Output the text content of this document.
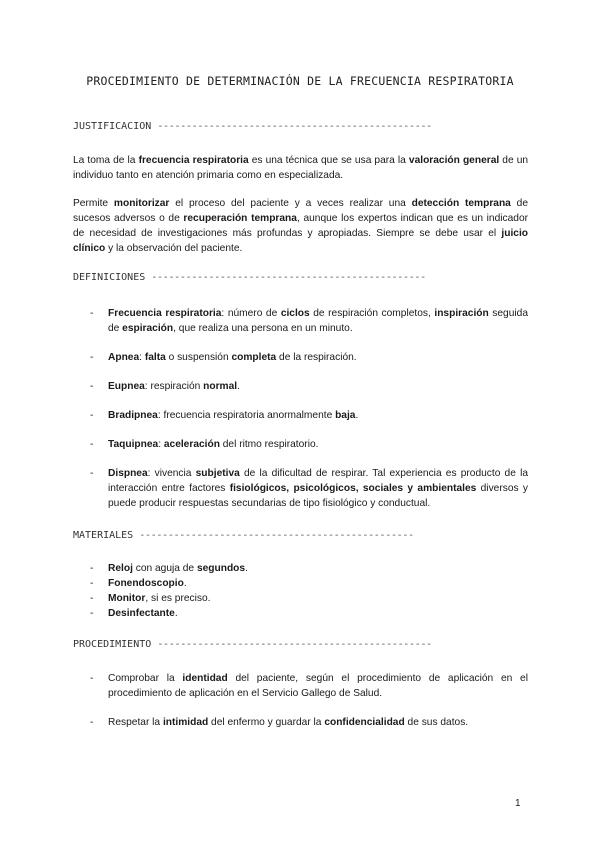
PROCEDIMIENTO DE DETERMINACIÓN DE LA FRECUENCIA RESPIRATORIA
JUSTIFICACIÓN ------------------------------------------------

La toma de la frecuencia respiratoria es una técnica que se usa para la valoración general de un individuo tanto en atención primaria como en especializada.

Permite monitorizar el proceso del paciente y a veces realizar una detección temprana de sucesos adversos o de recuperación temprana, aunque los expertos indican que es un indicador de necesidad de investigaciones más profundas y apropiadas. Siempre se debe usar el juicio clínico y la observación del paciente.

DEFINICIONES ------------------------------------------------
- Frecuencia respiratoria: número de ciclos de respiración completos, inspiración seguida de espiración, que realiza una persona en un minuto.
- Apnea: falta o suspensión completa de la respiración.
- Eupnea: respiración normal.
- Bradipnea: frecuencia respiratoria anormalmente baja.
- Taquipnea: aceleración del ritmo respiratorio.
- Dispnea: vivencia subjetiva de la dificultad de respirar. Tal experiencia es producto de la interacción entre factores fisiológicos, psicológicos, sociales y ambientales diversos y puede producir respuestas secundarias de tipo fisiológico y conductual.
MATERIALES ------------------------------------------------
- Reloj con aguja de segundos.
- Fonendoscopio.
- Monitor, si es preciso.
- Desinfectante.
PROCEDIMIENTO ------------------------------------------------
- Comprobar la identidad del paciente, según el procedimiento de aplicación en el procedimiento de aplicación en el Servicio Gallego de Salud.
- Respetar la intimidad del enfermo y guardar la confidencialidad de sus datos.
1
